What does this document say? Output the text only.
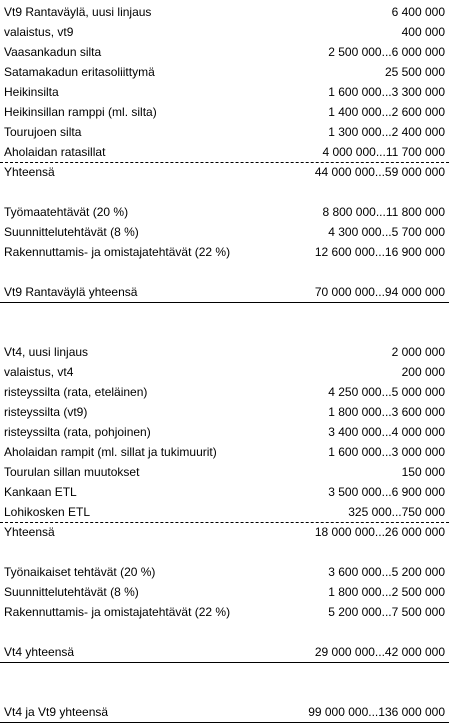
Vt9 Rantaväylä, uusi linjaus	6 400 000
valaistus, vt9	400 000
Vaasankadun silta	2 500 000...6 000 000
Satamakadun eritasoliittymä	25 500 000
Heikinsilta	1 600 000...3 300 000
Heikinsillan ramppi (ml. silta)	1 400 000...2 600 000
Tourujoen silta	1 300 000...2 400 000
Aholaidan ratasillat	4 000 000...11 700 000
Yhteensä	44 000 000...59 000 000
Työmaatehtävät (20 %)	8 800 000...11 800 000
Suunnittelutehtävät (8 %)	4 300 000...5 700 000
Rakennuttamis- ja omistajatehtävät (22 %)	12 600 000...16 900 000
Vt9 Rantaväylä yhteensä	70 000 000...94 000 000
Vt4, uusi linjaus	2 000 000
valaistus, vt4	200 000
risteyssilta (rata, eteläinen)	4 250 000...5 000 000
risteyssilta (vt9)	1 800 000...3 600 000
risteyssilta (rata, pohjoinen)	3 400 000...4 000 000
Aholaidan rampit (ml. sillat ja tukimuurit)	1 600 000...3 000 000
Tourulan sillan muutokset	150 000
Kankaan ETL	3 500 000...6 900 000
Lohikosken ETL	325 000...750 000
Yhteensä	18 000 000...26 000 000
Työnaikaiset tehtävät (20 %)	3 600 000...5 200 000
Suunnittelutehtävät (8 %)	1 800 000...2 500 000
Rakennuttamis- ja omistajatehtävät (22 %)	5 200 000...7 500 000
Vt4 yhteensä	29 000 000...42 000 000
Vt4 ja Vt9 yhteensä	99 000 000...136 000 000
